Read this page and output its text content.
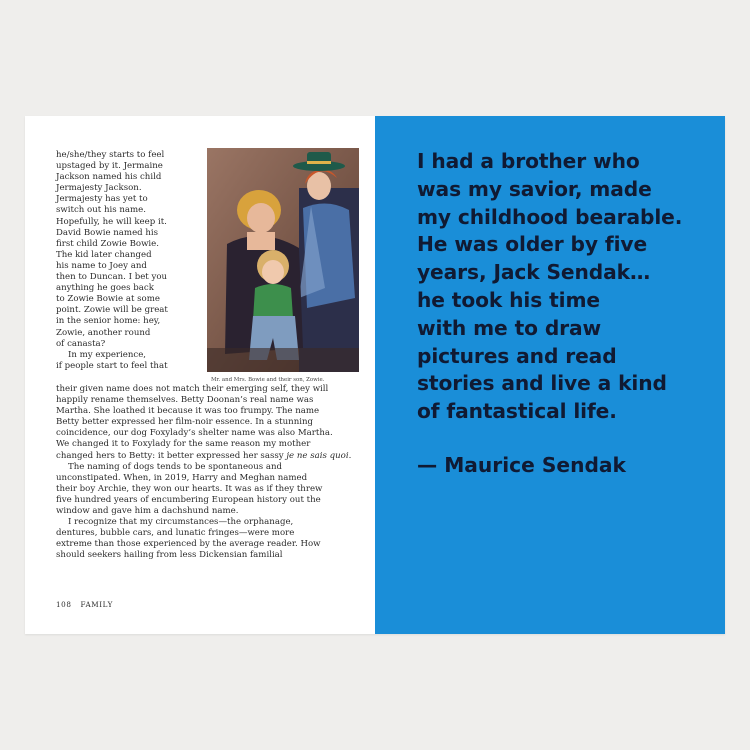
he/she/they starts to feel

upstaged by it. Jermaine

Jackson named his child

Jermajesty Jackson.

Jermajesty has yet to

switch out his name.

Hopefully, he will keep it.

David Bowie named his

first child Zowie Bowie.

The kid later changed

his name to Joey and

then to Duncan. I bet you

anything he goes back

to Zowie Bowie at some

point. Zowie will be great

in the senior home: hey,

Zowie, another round

of canasta?

In my experience,

if people start to feel that

Mr. and Mrs. Bowie and their son, Zowie.

their given name does not match their emerging self, they will

happily rename themselves. Betty Doonan’s real name was

Martha. She loathed it because it was too frumpy. The name

Betty better expressed her film-noir essence. In a stunning

coincidence, our dog Foxylady’s shelter name was also Martha.

We changed it to Foxylady for the same reason my mother

changed hers to Betty: it better expressed her sassy je ne sais quoi.

The naming of dogs tends to be spontaneous and

unconstipated. When, in 2019, Harry and Meghan named

their boy Archie, they won our hearts. It was as if they threw

five hundred years of encumbering European history out the

window and gave him a dachshund name.

I recognize that my circumstances—the orphanage,

dentures, bubble cars, and lunatic fringes—were more

extreme than those experienced by the average reader. How

should seekers hailing from less Dickensian familial

108 FAMILY
I had a brother who
was my savior, made
my childhood bearable.
He was older by five
years, Jack Sendak…
he took his time
with me to draw
pictures and read
stories and live a kind
of fantastical life.
— Maurice Sendak
